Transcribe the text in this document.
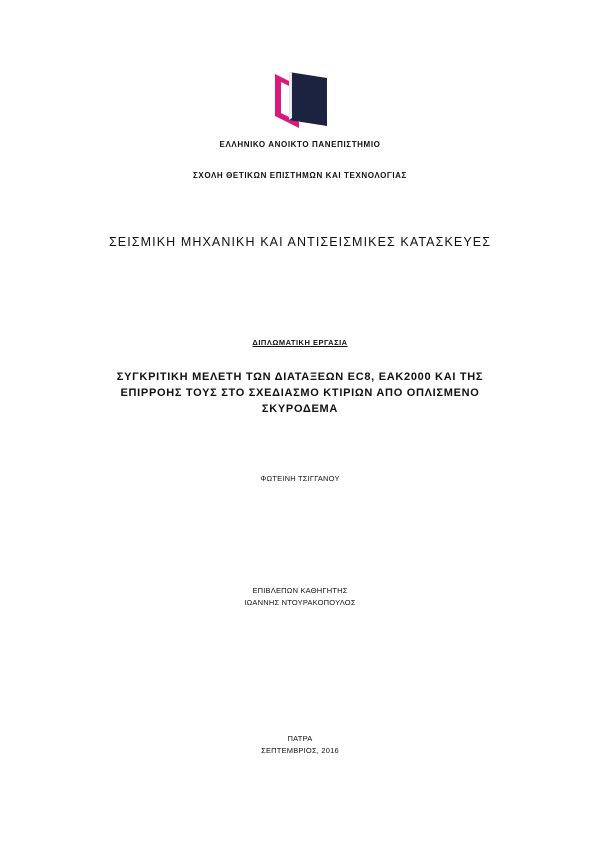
ΕΛΛΗΝΙΚΟ ΑΝΟΙΚΤΟ ΠΑΝΕΠΙΣΤΗΜΙΟ
ΣΧΟΛΗ ΘΕΤΙΚΩΝ ΕΠΙΣΤΗΜΩΝ ΚΑΙ ΤΕΧΝΟΛΟΓΙΑΣ
ΣΕΙΣΜΙΚΗ ΜΗΧΑΝΙΚΗ ΚΑΙ ΑΝΤΙΣΕΙΣΜΙΚΕΣ ΚΑΤΑΣΚΕΥΕΣ
ΔΙΠΛΩΜΑΤΙΚΗ ΕΡΓΑΣΙΑ
ΣΥΓΚΡΙΤΙΚΗ ΜΕΛΕΤΗ ΤΩΝ ΔΙΑΤΑΞΕΩΝ EC8, ΕΑΚ2000 ΚΑΙ ΤΗΣ
ΕΠΙΡΡΟΗΣ ΤΟΥΣ ΣΤΟ ΣΧΕΔΙΑΣΜΟ ΚΤΙΡΙΩΝ ΑΠΟ ΟΠΛΙΣΜΕΝΟ
ΣΚΥΡΟΔΕΜΑ
ΦΩΤΕΙΝΗ ΤΣΙΓΓΑΝΟΥ
ΕΠΙΒΛΕΠΩΝ ΚΑΘΗΓΗΤΗΣ
ΙΩΑΝΝΗΣ ΝΤΟΥΡΑΚΟΠΟΥΛΟΣ
ΠΑΤΡΑ
ΣΕΠΤΕΜΒΡΙΟΣ, 2016
